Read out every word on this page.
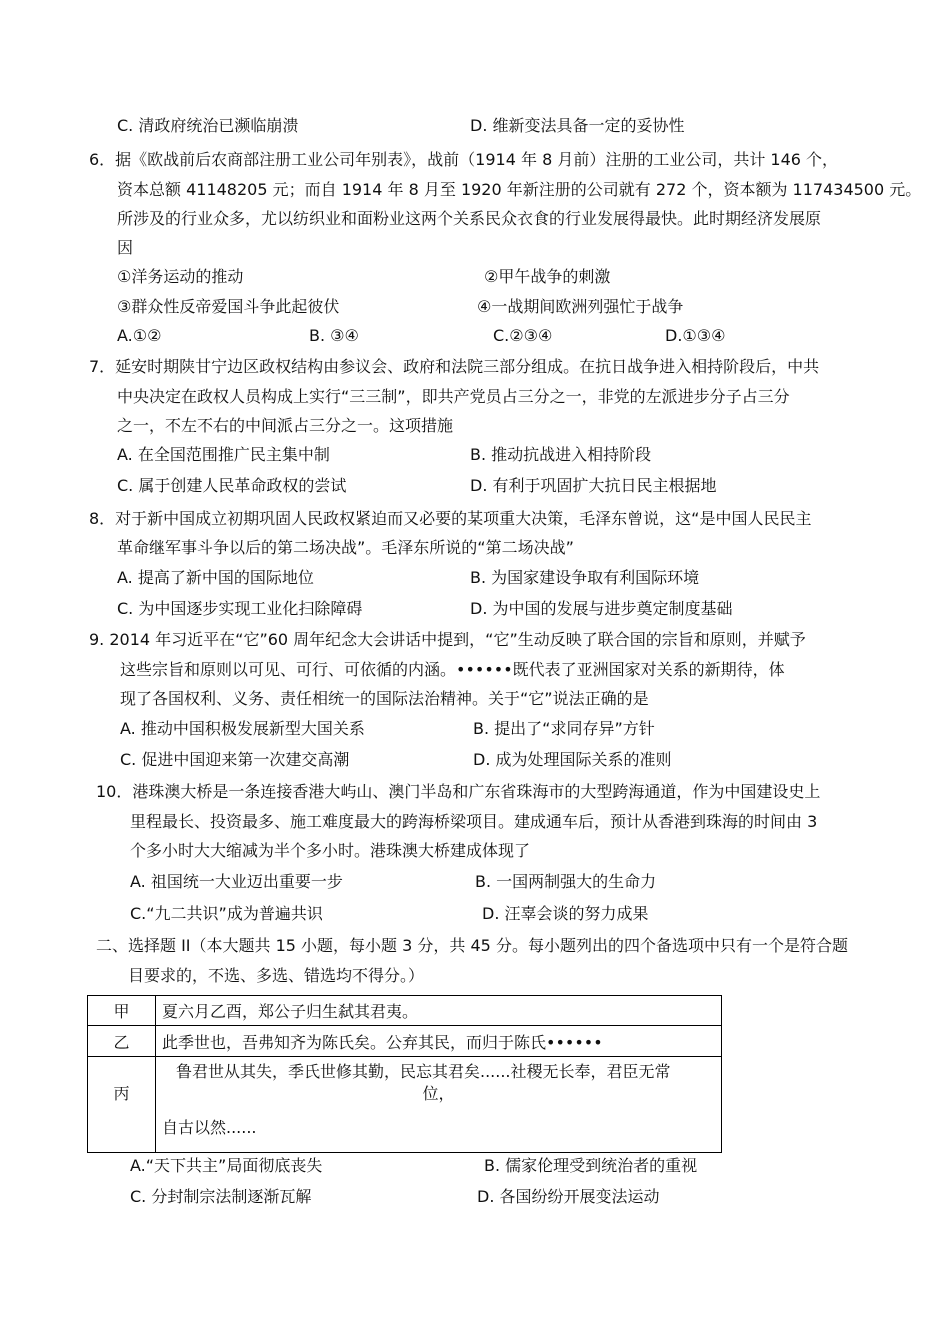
C. 清政府统治已濒临崩溃	D. 维新变法具备一定的妥协性
6．据《欧战前后农商部注册工业公司年别表》，战前（1914 年 8 月前）注册的工业公司，共计 146 个，
资本总额 41148205 元；而自 1914 年 8 月至 1920 年新注册的公司就有 272 个，资本额为 117434500 元。
所涉及的行业众多，尤以纺织业和面粉业这两个关系民众衣食的行业发展得最快。此时期经济发展原
因
①洋务运动的推动	②甲午战争的刺激
③群众性反帝爱国斗争此起彼伏	④一战期间欧洲列强忙于战争
A.①②	B. ③④	C.②③④	D.①③④
7．延安时期陕甘宁边区政权结构由参议会、政府和法院三部分组成。在抗日战争进入相持阶段后，中共
中央决定在政权人员构成上实行“三三制”，即共产党员占三分之一，非党的左派进步分子占三分
之一，不左不右的中间派占三分之一。这项措施
A. 在全国范围推广民主集中制	B. 推动抗战进入相持阶段
C. 属于创建人民革命政权的尝试	D. 有利于巩固扩大抗日民主根据地
8．对于新中国成立初期巩固人民政权紧迫而又必要的某项重大决策，毛泽东曾说，这“是中国人民民主
革命继军事斗争以后的第二场决战”。毛泽东所说的“第二场决战”
A. 提高了新中国的国际地位	B. 为国家建设争取有利国际环境
C. 为中国逐步实现工业化扫除障碍	D. 为中国的发展与进步奠定制度基础
9. 2014 年习近平在“它”60 周年纪念大会讲话中提到，“它”生动反映了联合国的宗旨和原则，并赋予
这些宗旨和原则以可见、可行、可依循的内涵。••••••既代表了亚洲国家对关系的新期待，体
现了各国权利、义务、责任相统一的国际法治精神。关于“它”说法正确的是
A. 推动中国积极发展新型大国关系	B. 提出了“求同存异”方针
C. 促进中国迎来第一次建交高潮	D. 成为处理国际关系的准则
10．港珠澳大桥是一条连接香港大屿山、澳门半岛和广东省珠海市的大型跨海通道，作为中国建设史上
里程最长、投资最多、施工难度最大的跨海桥梁项目。建成通车后，预计从香港到珠海的时间由 3
个多小时大大缩减为半个多小时。港珠澳大桥建成体现了
A. 祖国统一大业迈出重要一步	B. 一国两制强大的生命力
C.“九二共识”成为普遍共识	D. 汪辜会谈的努力成果
二、选择题 II（本大题共 15 小题，每小题 3 分，共 45 分。每小题列出的四个备选项中只有一个是符合题
目要求的，不选、多选、错选均不得分。）
甲	夏六月乙酉，郑公子归生弑其君夷。
乙	此季世也，吾弗知齐为陈氏矣。公弃其民，而归于陈氏••••••
丙	鲁君世从其失，季氏世修其勤，民忘其君矣......社稷无长奉，君臣无常
位，
自古以然......
A.“天下共主”局面彻底丧失	B. 儒家伦理受到统治者的重视
C. 分封制宗法制逐渐瓦解	D. 各国纷纷开展变法运动
